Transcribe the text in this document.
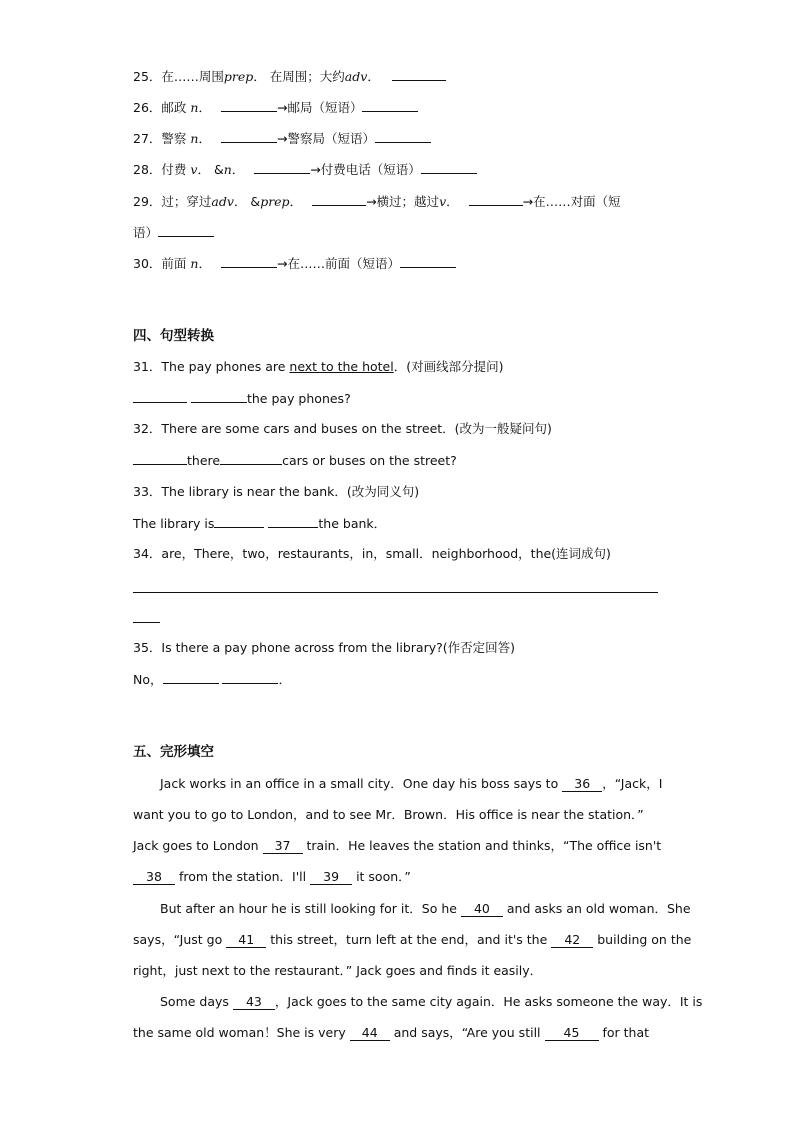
25．在……周围prep． 在周围；大约adv．
26．邮政 n．	→邮局（短语）
27．警察 n．	→警察局（短语）
28．付费 v． &n．	→付费电话（短语）
29．过；穿过adv． &prep．	→横过；越过v．	→在……对面（短
语）
30．前面 n．	→在……前面（短语）
四、句型转换
31．The pay phones are next to the hotel．(对画线部分提问)
the pay phones?
32．There are some cars and buses on the street．(改为一般疑问句)
there	cars or buses on the street?
33．The library is near the bank．(改为同义句)
The library is	the bank．
34．are，There，two，restaurants，in，small．neighborhood，the(连词成句)
35．Is there a pay phone across from the library?(作否定回答)
No，	．
五、完形填空
Jack works in an office in a small city．One day his boss says to 36 ，“Jack，I
want you to go to London，and to see Mr．Brown．His office is near the station．”
Jack goes to London 37 train．He leaves the station and thinks，“The office isn't
38 from the station．I'll 39 it soon．”
But after an hour he is still looking for it．So he 40 and asks an old woman．She
says，“Just go 41 this street，turn left at the end，and it's the 42 building on the
right，just next to the restaurant．” Jack goes and finds it easily．
Some days 43 ，Jack goes to the same city again．He asks someone the way．It is
the same old woman！She is very 44 and says，“Are you still 45 for that
